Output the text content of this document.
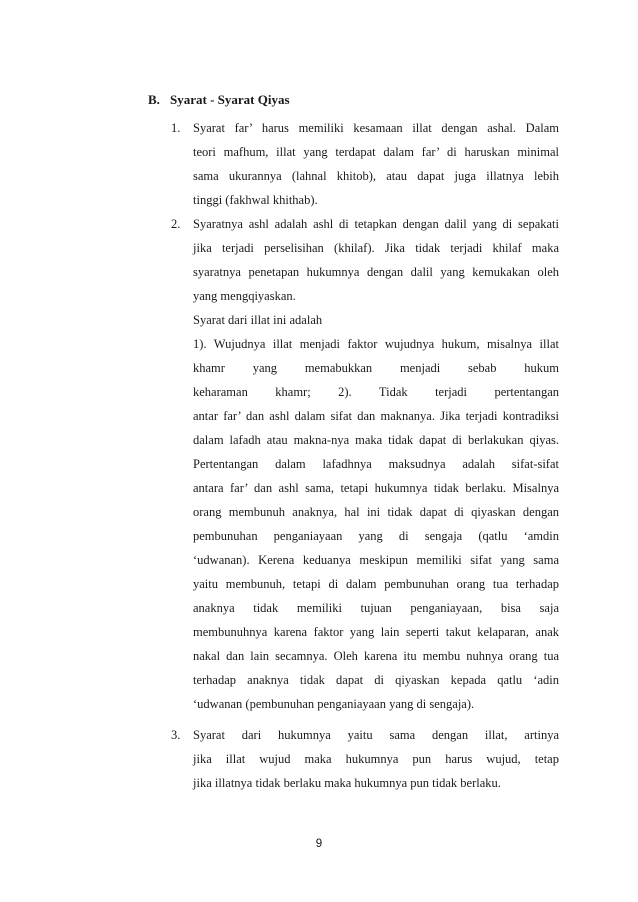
B. Syarat - Syarat Qiyas
1. Syarat far’ harus memiliki kesamaan illat dengan ashal. Dalam
teori mafhum, illat yang terdapat dalam far’ di haruskan minimal
sama ukurannya (lahnal khitob), atau dapat juga illatnya lebih
tinggi (fakhwal khithab).
2. Syaratnya ashl adalah ashl di tetapkan dengan dalil yang di sepakati
jika terjadi perselisihan (khilaf). Jika tidak terjadi khilaf maka
syaratnya penetapan hukumnya dengan dalil yang kemukakan oleh
yang mengqiyaskan.
Syarat dari illat ini adalah
1). Wujudnya illat menjadi faktor wujudnya hukum, misalnya illat
khamr yang memabukkan menjadi sebab hukum
keharaman khamr; 2). Tidak terjadi pertentangan
antar far’ dan ashl dalam sifat dan maknanya. Jika terjadi kontradiksi
dalam lafadh atau makna-nya maka tidak dapat di berlakukan qiyas.
Pertentangan dalam lafadhnya maksudnya adalah sifat-sifat
antara far’ dan ashl sama, tetapi hukumnya tidak berlaku. Misalnya
orang membunuh anaknya, hal ini tidak dapat di qiyaskan dengan
pembunuhan penganiayaan yang di sengaja (qatlu ‘amdin
‘udwanan). Kerena keduanya meskipun memiliki sifat yang sama
yaitu membunuh, tetapi di dalam pembunuhan orang tua terhadap
anaknya tidak memiliki tujuan penganiayaan, bisa saja
membunuhnya karena faktor yang lain seperti takut kelaparan, anak
nakal dan lain secamnya. Oleh karena itu membu nuhnya orang tua
terhadap anaknya tidak dapat di qiyaskan kepada qatlu ‘adin
‘udwanan (pembunuhan penganiayaan yang di sengaja).
3. Syarat dari hukumnya yaitu sama dengan illat, artinya
jika illat wujud maka hukumnya pun harus wujud, tetap
jika illatnya tidak berlaku maka hukumnya pun tidak berlaku.
9
